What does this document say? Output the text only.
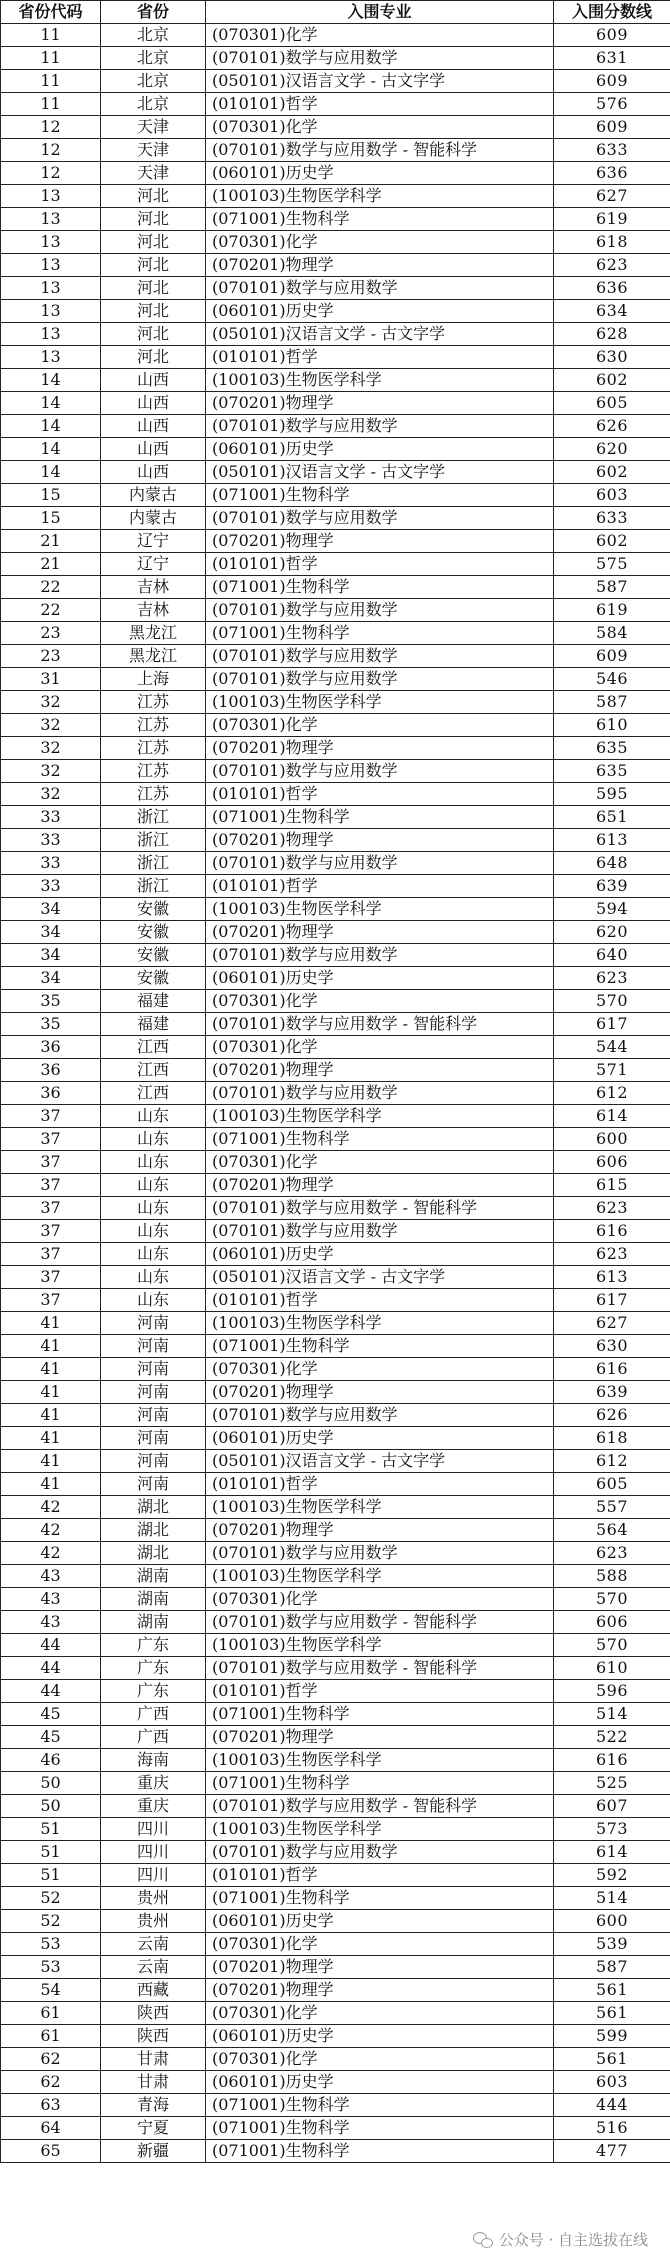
省份代码	省份	入围专业	入围分数线
11	北京	(070301)化学	609
11	北京	(070101)数学与应用数学	631
11	北京	(050101)汉语言文学 - 古文字学	609
11	北京	(010101)哲学	576
12	天津	(070301)化学	609
12	天津	(070101)数学与应用数学 - 智能科学	633
12	天津	(060101)历史学	636
13	河北	(100103)生物医学科学	627
13	河北	(071001)生物科学	619
13	河北	(070301)化学	618
13	河北	(070201)物理学	623
13	河北	(070101)数学与应用数学	636
13	河北	(060101)历史学	634
13	河北	(050101)汉语言文学 - 古文字学	628
13	河北	(010101)哲学	630
14	山西	(100103)生物医学科学	602
14	山西	(070201)物理学	605
14	山西	(070101)数学与应用数学	626
14	山西	(060101)历史学	620
14	山西	(050101)汉语言文学 - 古文字学	602
15	内蒙古	(071001)生物科学	603
15	内蒙古	(070101)数学与应用数学	633
21	辽宁	(070201)物理学	602
21	辽宁	(010101)哲学	575
22	吉林	(071001)生物科学	587
22	吉林	(070101)数学与应用数学	619
23	黑龙江	(071001)生物科学	584
23	黑龙江	(070101)数学与应用数学	609
31	上海	(070101)数学与应用数学	546
32	江苏	(100103)生物医学科学	587
32	江苏	(070301)化学	610
32	江苏	(070201)物理学	635
32	江苏	(070101)数学与应用数学	635
32	江苏	(010101)哲学	595
33	浙江	(071001)生物科学	651
33	浙江	(070201)物理学	613
33	浙江	(070101)数学与应用数学	648
33	浙江	(010101)哲学	639
34	安徽	(100103)生物医学科学	594
34	安徽	(070201)物理学	620
34	安徽	(070101)数学与应用数学	640
34	安徽	(060101)历史学	623
35	福建	(070301)化学	570
35	福建	(070101)数学与应用数学 - 智能科学	617
36	江西	(070301)化学	544
36	江西	(070201)物理学	571
36	江西	(070101)数学与应用数学	612
37	山东	(100103)生物医学科学	614
37	山东	(071001)生物科学	600
37	山东	(070301)化学	606
37	山东	(070201)物理学	615
37	山东	(070101)数学与应用数学 - 智能科学	623
37	山东	(070101)数学与应用数学	616
37	山东	(060101)历史学	623
37	山东	(050101)汉语言文学 - 古文字学	613
37	山东	(010101)哲学	617
41	河南	(100103)生物医学科学	627
41	河南	(071001)生物科学	630
41	河南	(070301)化学	616
41	河南	(070201)物理学	639
41	河南	(070101)数学与应用数学	626
41	河南	(060101)历史学	618
41	河南	(050101)汉语言文学 - 古文字学	612
41	河南	(010101)哲学	605
42	湖北	(100103)生物医学科学	557
42	湖北	(070201)物理学	564
42	湖北	(070101)数学与应用数学	623
43	湖南	(100103)生物医学科学	588
43	湖南	(070301)化学	570
43	湖南	(070101)数学与应用数学 - 智能科学	606
44	广东	(100103)生物医学科学	570
44	广东	(070101)数学与应用数学 - 智能科学	610
44	广东	(010101)哲学	596
45	广西	(071001)生物科学	514
45	广西	(070201)物理学	522
46	海南	(100103)生物医学科学	616
50	重庆	(071001)生物科学	525
50	重庆	(070101)数学与应用数学 - 智能科学	607
51	四川	(100103)生物医学科学	573
51	四川	(070101)数学与应用数学	614
51	四川	(010101)哲学	592
52	贵州	(071001)生物科学	514
52	贵州	(060101)历史学	600
53	云南	(070301)化学	539
53	云南	(070201)物理学	587
54	西藏	(070201)物理学	561
61	陕西	(070301)化学	561
61	陕西	(060101)历史学	599
62	甘肃	(070301)化学	561
62	甘肃	(060101)历史学	603
63	青海	(071001)生物科学	444
64	宁夏	(071001)生物科学	516
65	新疆	(071001)生物科学	477
公众号 · 自主选拔在线
